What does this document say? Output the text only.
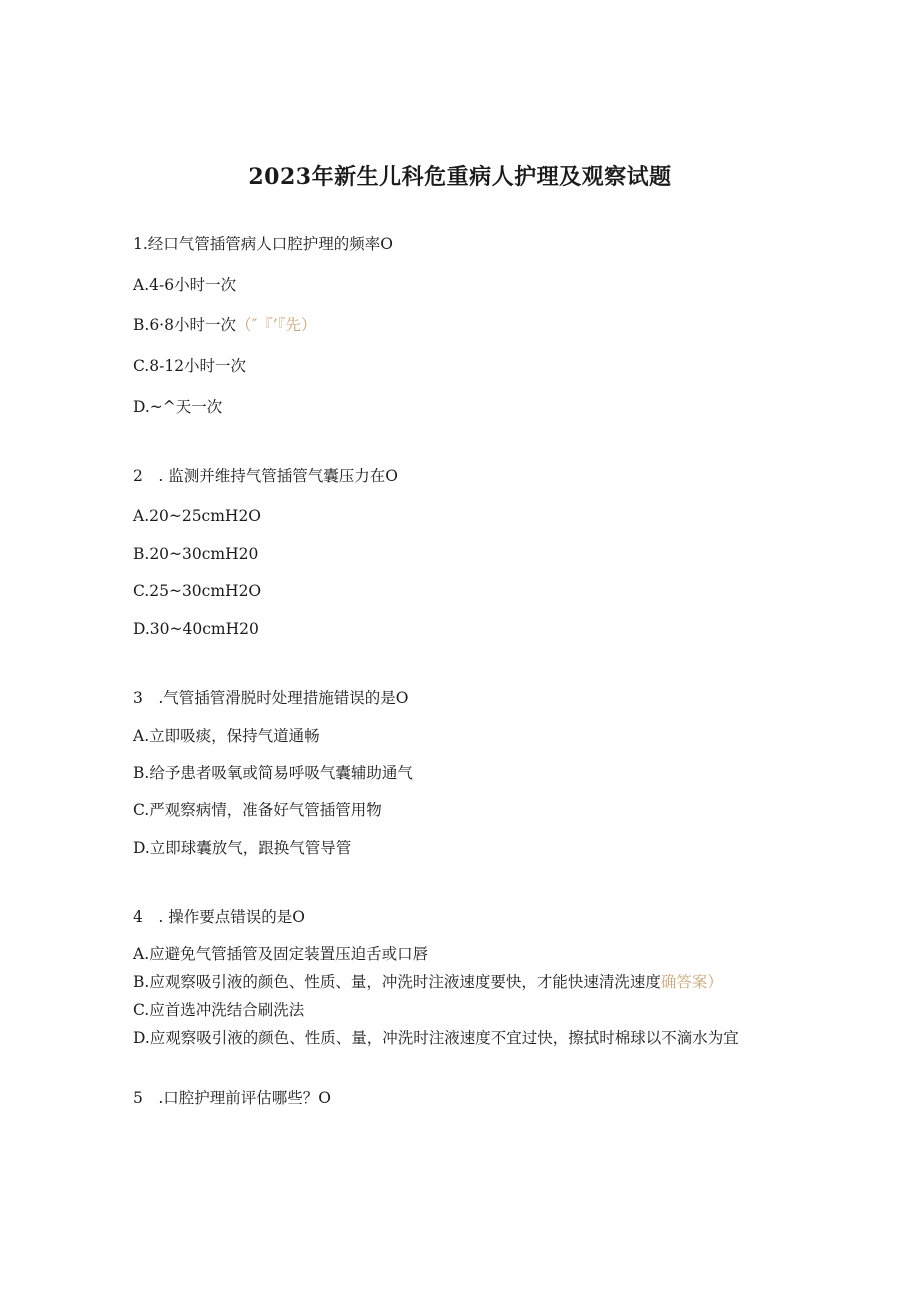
2023年新生儿科危重病人护理及观察试题
1.经口气管插管病人口腔护理的频率O
A.4-6小时一次
B.6·8小时一次（″『’『先）
C.8-12小时一次
D.~^天一次
2　. 监测并维持气管插管气囊压力在O
A.20~25cmH2O
B.20~30cmH20
C.25~30cmH2O
D.30~40cmH20
3　.气管插管滑脱时处理措施错误的是O
A.立即吸痰，保持气道通畅
B.给予患者吸氧或简易呼吸气囊辅助通气
C.严观察病情，准备好气管插管用物
D.立即球囊放气，跟换气管导管
4　. 操作要点错误的是O
A.应避免气管插管及固定装置压迫舌或口唇
B.应观察吸引液的颜色、性质、量，冲洗时注液速度要快，才能快速清洗速度确答案）
C.应首选冲洗结合刷洗法
D.应观察吸引液的颜色、性质、量，冲洗时注液速度不宜过快，擦拭时棉球以不滴水为宜
5　.口腔护理前评估哪些？O
